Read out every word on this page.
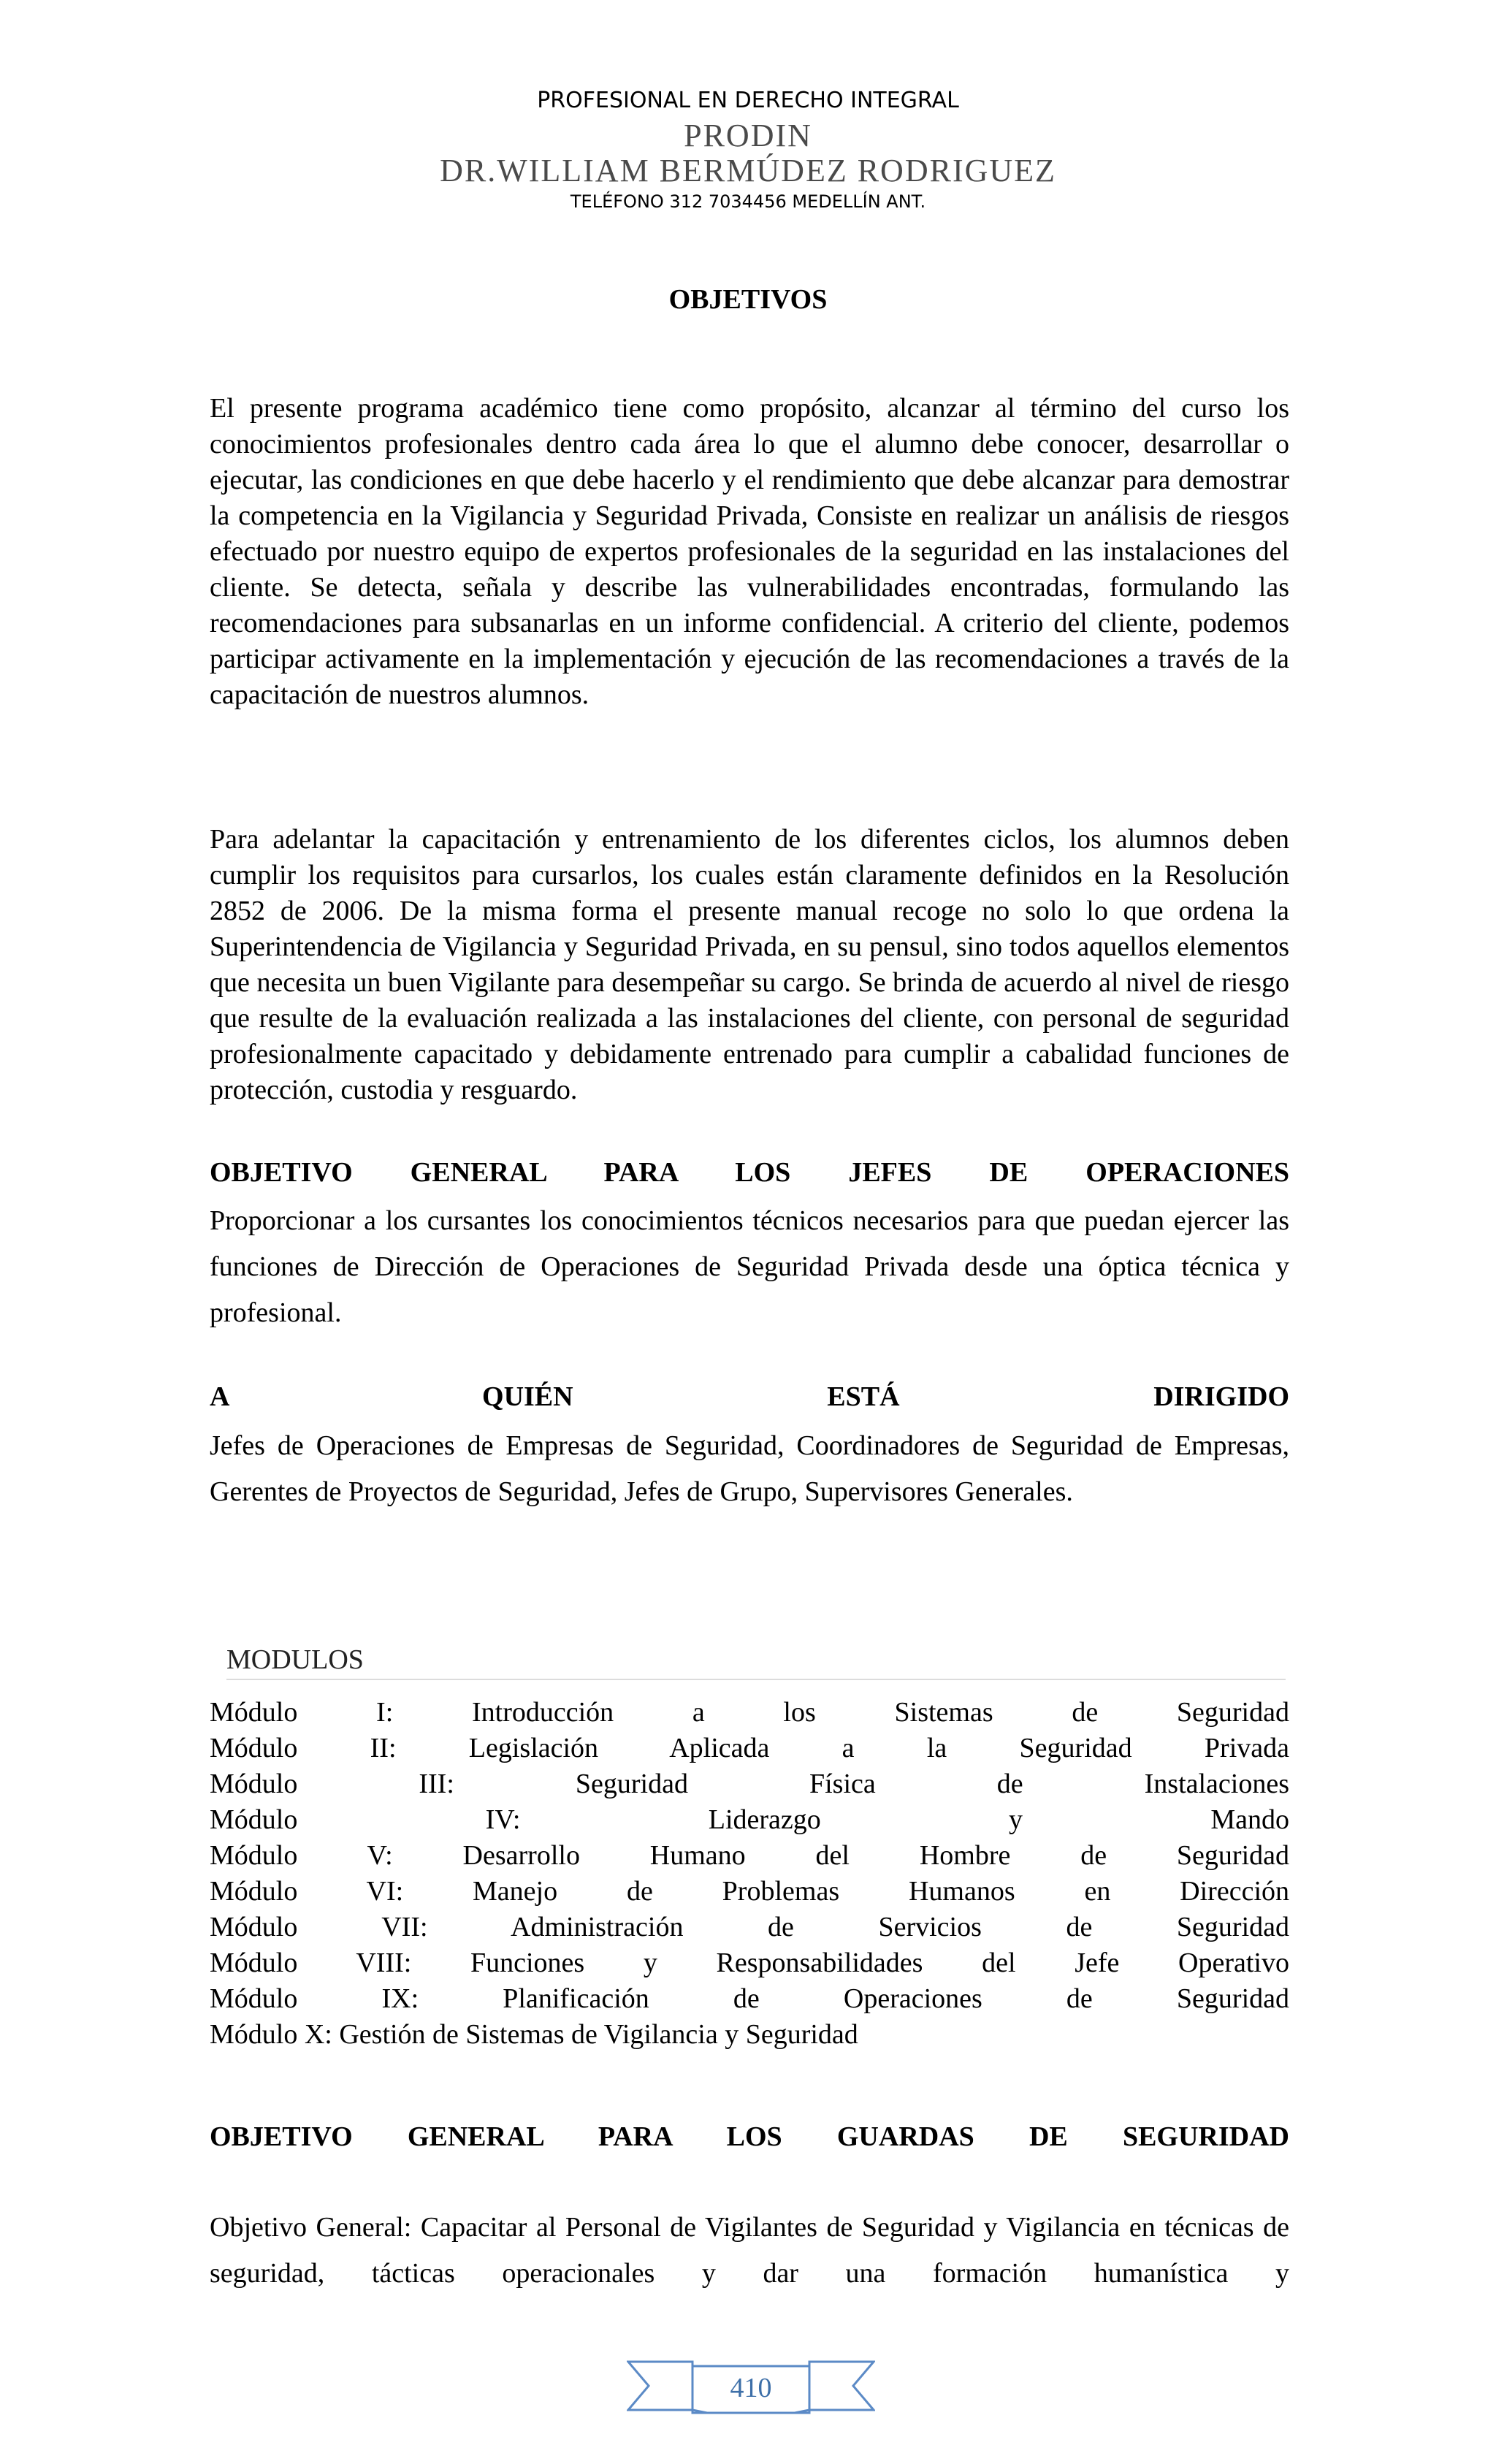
PROFESIONAL EN DERECHO INTEGRAL
PRODIN
DR.WILLIAM BERMÚDEZ RODRIGUEZ
TELÉFONO 312 7034456 MEDELLÍN ANT.
OBJETIVOS

El presente programa académico tiene como propósito, alcanzar al término del curso los conocimientos profesionales dentro cada área lo que el alumno debe conocer, desarrollar o ejecutar, las condiciones en que debe hacerlo y el rendimiento que debe alcanzar para demostrar la competencia en la Vigilancia y Seguridad Privada, Consiste en realizar un análisis de riesgos efectuado por nuestro equipo de expertos profesionales de la seguridad en las instalaciones del cliente. Se detecta, señala y describe las vulnerabilidades encontradas, formulando las recomendaciones para subsanarlas en un informe confidencial. A criterio del cliente, podemos participar activamente en la implementación y ejecución de las recomendaciones a través de la capacitación de nuestros alumnos.

Para adelantar la capacitación y entrenamiento de los diferentes ciclos, los alumnos deben cumplir los requisitos para cursarlos, los cuales están claramente definidos en la Resolución 2852 de 2006. De la misma forma el presente manual recoge no solo lo que ordena la Superintendencia de Vigilancia y Seguridad Privada, en su pensul, sino todos aquellos elementos que necesita un buen Vigilante para desempeñar su cargo. Se brinda de acuerdo al nivel de riesgo que resulte de la evaluación realizada a las instalaciones del cliente, con personal de seguridad profesionalmente capacitado y debidamente entrenado para cumplir a cabalidad funciones de protección, custodia y resguardo.

OBJETIVO GENERAL PARA LOS JEFES DE OPERACIONES

Proporcionar a los cursantes los conocimientos técnicos necesarios para que puedan ejercer las funciones de Dirección de Operaciones de Seguridad Privada desde una óptica técnica y profesional.

A QUIÉN ESTÁ DIRIGIDO

Jefes de Operaciones de Empresas de Seguridad, Coordinadores de Seguridad de Empresas, Gerentes de Proyectos de Seguridad, Jefes de Grupo, Supervisores Generales.

MODULOS
Módulo I: Introducción a los Sistemas de Seguridad
Módulo II: Legislación Aplicada a la Seguridad Privada
Módulo III: Seguridad Física de Instalaciones
Módulo IV: Liderazgo y Mando
Módulo V: Desarrollo Humano del Hombre de Seguridad
Módulo VI: Manejo de Problemas Humanos en Dirección
Módulo VII: Administración de Servicios de Seguridad
Módulo VIII: Funciones y Responsabilidades del Jefe Operativo
Módulo IX: Planificación de Operaciones de Seguridad
Módulo X: Gestión de Sistemas de Vigilancia y Seguridad

OBJETIVO GENERAL PARA LOS GUARDAS DE SEGURIDAD

Objetivo General: Capacitar al Personal de Vigilantes de Seguridad y Vigilancia en técnicas de seguridad, tácticas operacionales y dar una formación humanística y

410
